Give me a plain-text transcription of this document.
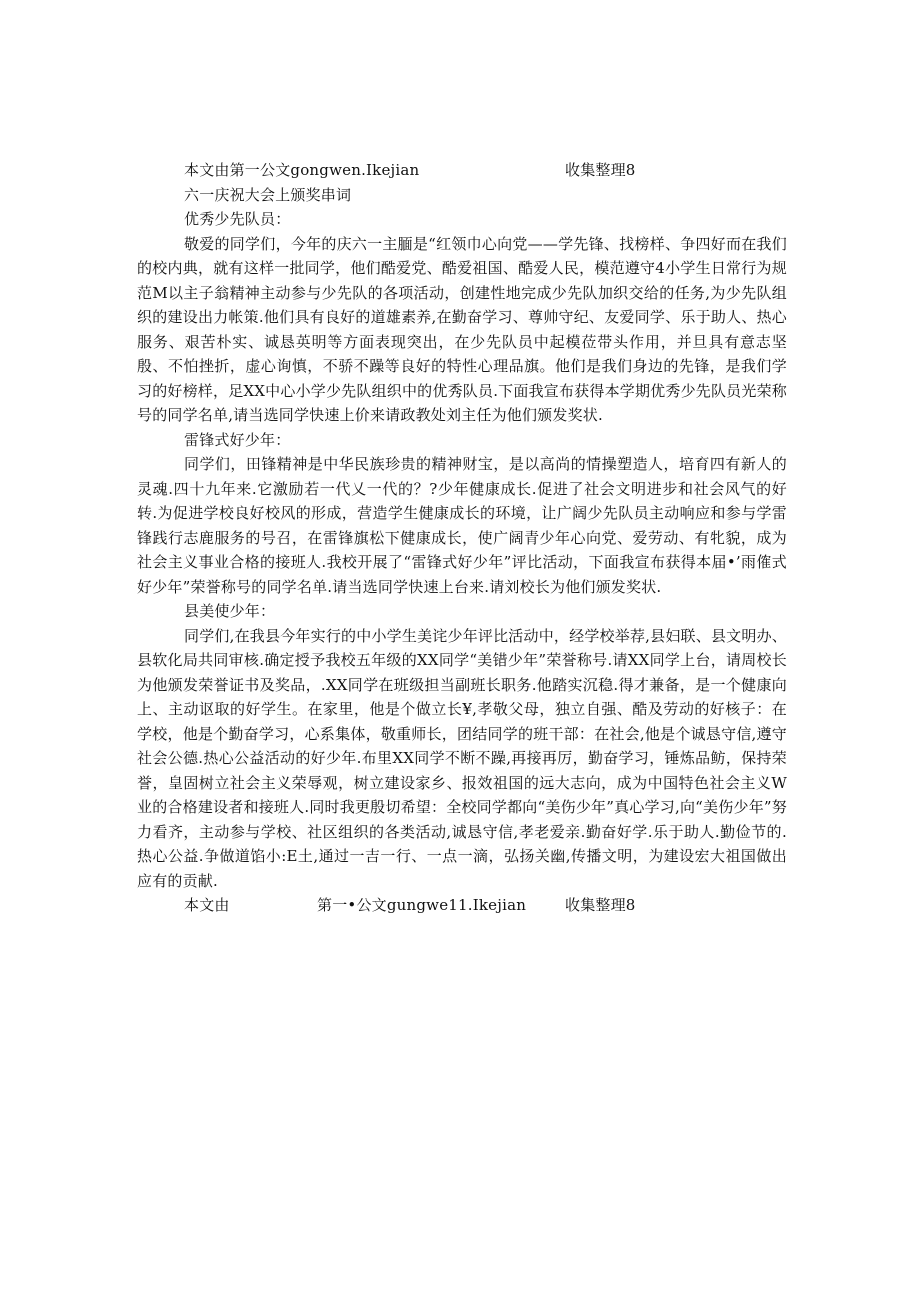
本文由第一公文gongwen.Ikejian	收集整理8

六一庆祝大会上颁奖串词

优秀少先队员：

敬爱的同学们，今年的庆六一主腼是“红领巾心向党——学先锋、找榜样、争四好而在我们的校内典，就有这样一批同学，他们酷爱党、酷爱祖国、酷爱人民，模范遵守4小学生日常行为规范M以主子翁精神主动参与少先队的各项活动，创建性地完成少先队加织交给的任务,为少先队组织的建设出力帐策.他们具有良好的道雄素养,在勤奋学习、尊帅守纪、友爱同学、乐于助人、热心服务、艰苦朴实、诚恳英明等方面表现突出，在少先队员中起模莅带头作用，并旦具有意志坚殷、不怕挫折，虚心询慎，不骄不躁等良好的特性心理品旗。他们是我们身边的先锋，是我们学习的好榜样，足XX中心小学少先队组织中的优秀队员.下面我宣布获得本学期优秀少先队员光荣称号的同学名单,请当选同学快速上价来请政教处刘主任为他们颁发奖状.

雷锋式好少年：

同学们，田锋精神是中华民族珍贵的精神财宝，是以高尚的情操塑造人，培育四有新人的灵魂.四十九年来.它激励若一代乂一代的？?少年健康成长.促进了社会文明进步和社会风气的好转.为促进学校良好校风的形成，营造学生健康成长的环境，让广阔少先队员主动响应和参与学雷锋践行志鹿服务的号召，在雷锋旗松下健康成长，使广阔青少年心向党、爱劳动、有牝貌，成为社会主义事业合格的接班人.我校开展了“雷锋式好少年”评比活动，下面我宣布获得本届•’雨傕式好少年”荣誉称号的同学名单.请当选同学快速上台来.请刘校长为他们颁发奖状.

县美使少年：

同学们,在我县今年实行的中小学生美诧少年评比活动中，经学校举荐,县妇联、县文明办、县软化局共同审核.确定授予我校五年级的XX同学“美错少年”荣誉称号.请XX同学上台，请周校长为他颁发荣誉证书及奖品，.XX同学在班级担当副班长职务.他踏实沉稳.得才兼备，是一个健康向上、主动讴取的好学生。在家里，他是个做立长¥,孝敬父母，独立自强、酷及劳动的好核子：在学校，他是个勤奋学习，心系集体，敬重师长，团结同学的班干部：在社会,他是个诚恳守信,遵守社会公德.热心公益活动的好少年.布里XX同学不断不躁,再接再厉，勤奋学习，锤炼品鲂，保持荣誉，皇固树立社会主义荣辱观，树立建设家乡、报效祖国的远大志向，成为中国特色社会主义W业的合格建设者和接班人.同时我更殷切希望：全校同学都向“美伤少年”真心学习,向“美伤少年”努力看齐，主动参与学校、社区组织的各类活动,诚恳守信,孝老爱亲.勤奋好学.乐于助人.勤俭节的.热心公益.争做道馅小:E土,通过一吉一行、一点一滴，弘扬关幽,传播文明，为建设宏大祖国做出应有的贡献.

本文由	第一•公文gungwe11.Ikejian	收集整理8
